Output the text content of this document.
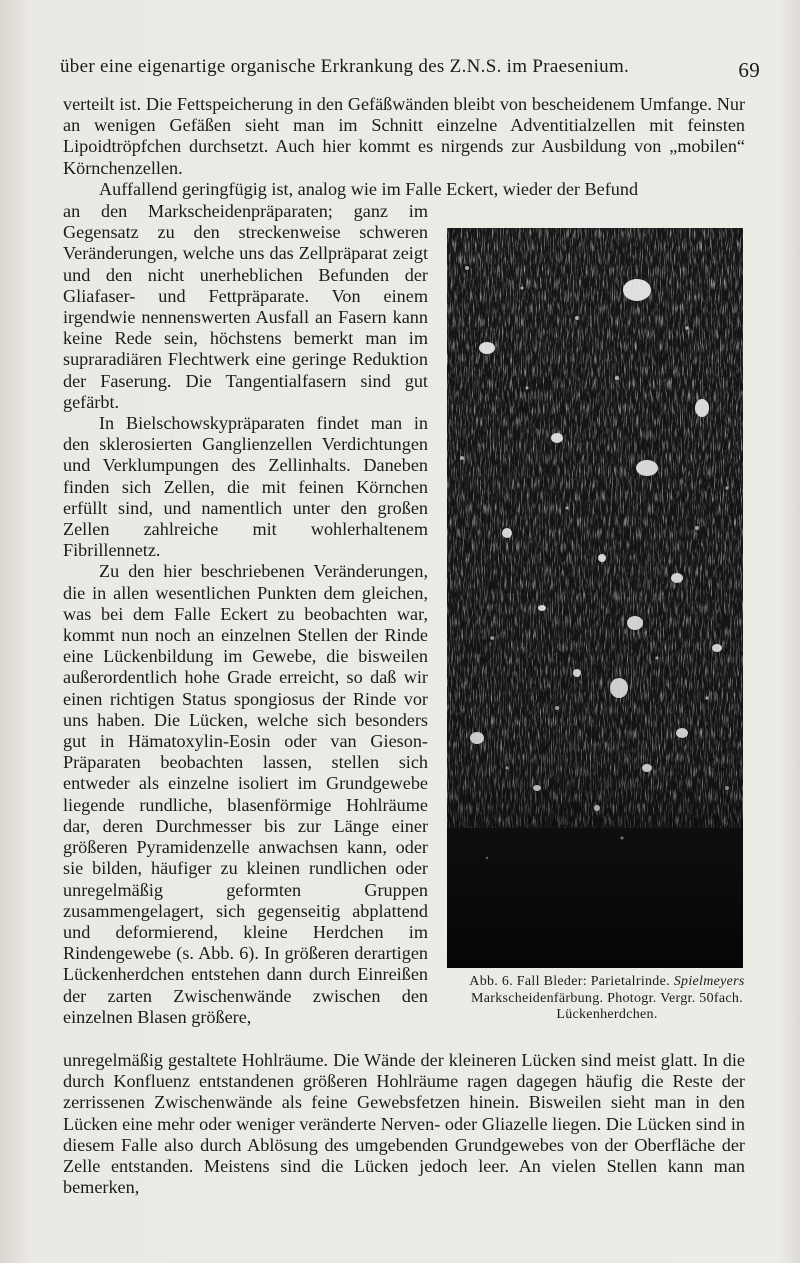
über eine eigenartige organische Erkrankung des Z.N.S. im Praesenium.	69

verteilt ist. Die Fettspeicherung in den Gefäßwänden bleibt von bescheidenem Umfange. Nur an wenigen Gefäßen sieht man im Schnitt einzelne Adventitialzellen mit feinsten Lipoidtröpfchen durchsetzt. Auch hier kommt es nirgends zur Ausbildung von „mobilen“ Körnchenzellen.

Auffallend geringfügig ist, analog wie im Falle Eckert, wieder der Befund

an den Markscheidenpräparaten; ganz im Gegensatz zu den streckenweise schweren Veränderungen, welche uns das Zellpräparat zeigt und den nicht unerheblichen Befunden der Gliafaser- und Fettpräparate. Von einem irgendwie nennenswerten Ausfall an Fasern kann keine Rede sein, höchstens bemerkt man im supraradiären Flechtwerk eine geringe Reduktion der Faserung. Die Tangentialfasern sind gut gefärbt.

In Bielschowskypräparaten findet man in den sklerosierten Ganglienzellen Verdichtungen und Verklumpungen des Zellinhalts. Daneben finden sich Zellen, die mit feinen Körnchen erfüllt sind, und namentlich unter den großen Zellen zahlreiche mit wohlerhaltenem Fibrillennetz.

Zu den hier beschriebenen Veränderungen, die in allen wesentlichen Punkten dem gleichen, was bei dem Falle Eckert zu beobachten war, kommt nun noch an einzelnen Stellen der Rinde eine Lückenbildung im Gewebe, die bisweilen außerordentlich hohe Grade erreicht, so daß wir einen richtigen Status spongiosus der Rinde vor uns haben. Die Lücken, welche sich besonders gut in Hämatoxylin-Eosin oder van Gieson-Präparaten beobachten lassen, stellen sich entweder als einzelne isoliert im Grundgewebe liegende rundliche, blasenförmige Hohlräume dar, deren Durchmesser bis zur Länge einer größeren Pyramidenzelle anwachsen kann, oder sie bilden, häufiger zu kleinen rundlichen oder unregelmäßig geformten Gruppen zusammengelagert, sich gegenseitig abplattend und deformierend, kleine Herdchen im Rindengewebe (s. Abb. 6). In größeren derartigen Lückenherdchen entstehen dann durch Einreißen der zarten Zwischenwände zwischen den einzelnen Blasen größere,

unregelmäßig gestaltete Hohlräume. Die Wände der kleineren Lücken sind meist glatt. In die durch Konfluenz entstandenen größeren Hohlräume ragen dagegen häufig die Reste der zerrissenen Zwischenwände als feine Gewebsfetzen hinein. Bisweilen sieht man in den Lücken eine mehr oder weniger veränderte Nerven- oder Gliazelle liegen. Die Lücken sind in diesem Falle also durch Ablösung des umgebenden Grundgewebes von der Oberfläche der Zelle entstanden. Meistens sind die Lücken jedoch leer. An vielen Stellen kann man bemerken,

Abb. 6. Fall Bleder: Parietalrinde. Spielmeyers Markscheidenfärbung. Photogr. Vergr. 50fach. Lückenherdchen.
